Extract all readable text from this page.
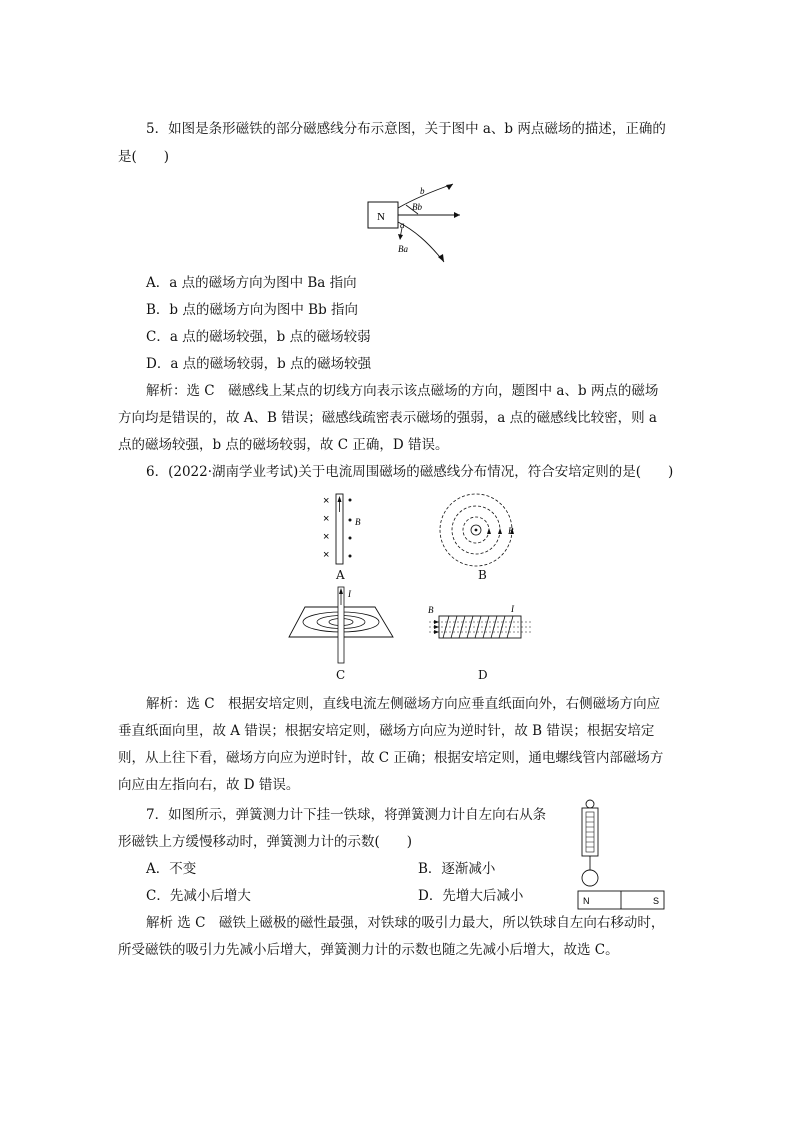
5．如图是条形磁铁的部分磁感线分布示意图，关于图中 a、b 两点磁场的描述，正确的
是(　　)
N
b
a
Bb
Ba
A．a 点的磁场方向为图中 Ba 指向
B．b 点的磁场方向为图中 Bb 指向
C．a 点的磁场较强，b 点的磁场较弱
D．a 点的磁场较弱，b 点的磁场较强
解析：选 C　磁感线上某点的切线方向表示该点磁场的方向，题图中 a、b 两点的磁场
方向均是错误的，故 A、B 错误；磁感线疏密表示磁场的强弱，a 点的磁感线比较密，则 a
点的磁场较强，b 点的磁场较弱，故 C 正确，D 错误。
6．(2022·湖南学业考试)关于电流周围磁场的磁感线分布情况，符合安培定则的是(　　)
×
×
×
×
B
A
B
B
I
C
B	I
D
解析：选 C　根据安培定则，直线电流左侧磁场方向应垂直纸面向外，右侧磁场方向应
垂直纸面向里，故 A 错误；根据安培定则，磁场方向应为逆时针，故 B 错误；根据安培定
则，从上往下看，磁场方向应为逆时针，故 C 正确；根据安培定则，通电螺线管内部磁场方
向应由左指向右，故 D 错误。
7．如图所示，弹簧测力计下挂一铁球，将弹簧测力计自左向右从条
形磁铁上方缓慢移动时，弹簧测力计的示数(　　)
A．不变	B．逐渐减小
C．先减小后增大	D．先增大后减小	N	S
解析 选 C　磁铁上磁极的磁性最强，对铁球的吸引力最大，所以铁球自左向右移动时，
所受磁铁的吸引力先减小后增大，弹簧测力计的示数也随之先减小后增大，故选 C。
